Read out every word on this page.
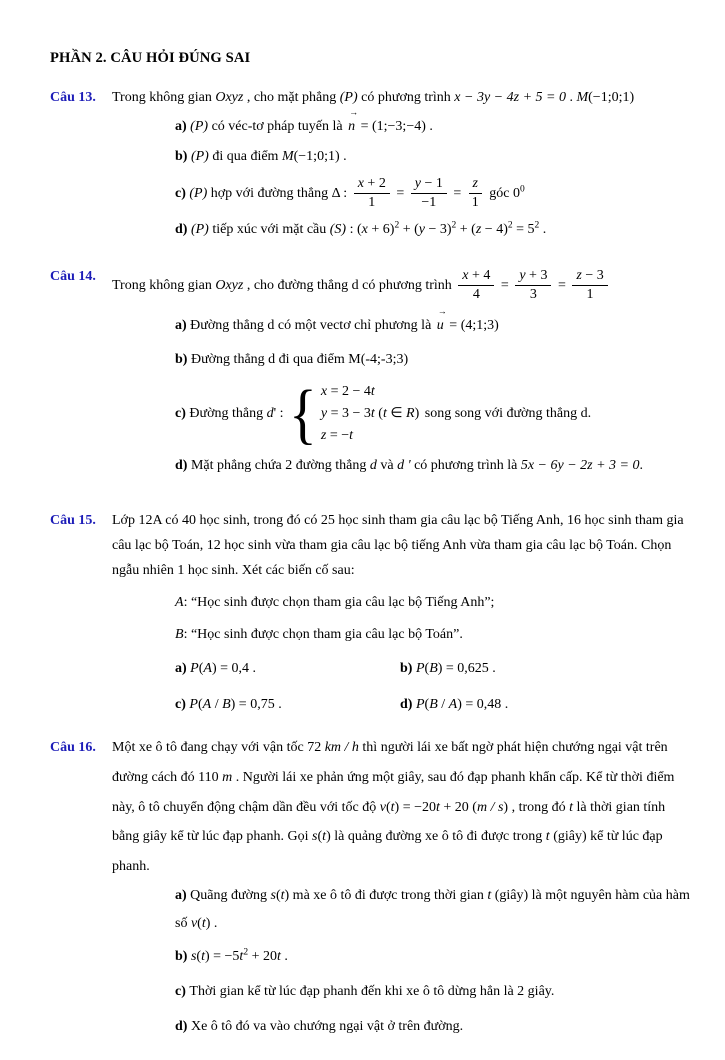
PHẦN 2. CÂU HỎI ĐÚNG SAI
Câu 13.	Trong không gian Oxyz , cho mặt phẳng (P) có phương trình x − 3y − 4z + 5 = 0 . M(−1;0;1)
a) (P) có véc-tơ pháp tuyến là
→
n = (1;−3;−4) .
b) (P) đi qua điểm M(−1;0;1) .
c) (P) hợp với đường thẳng Δ : $\frac{x + 2}{1} = \frac{y - 1}{-1} = \frac{z}{1}$ góc $0^0$
d) (P) tiếp xúc với mặt cầu (S) : $(x + 6)^2 + (y - 3)^2 + (z - 4)^2 = 5^2$ .
Câu 14.
Trong không gian Oxyz , cho đường thẳng d có phương trình $\frac{x + 4}{4} = \frac{y + 3}{3} = \frac{z - 3}{1}$
a) Đường thẳng d có một vectơ chỉ phương là
→
u = (4;1;3)
b) Đường thẳng d đi qua điểm M(-4;-3;3)
c) Đường thẳng d' : { x = 2 − 4t
y = 3 − 3t (t ∈ R)
z = −t
song song với đường thẳng d.
d) Mặt phẳng chứa 2 đường thẳng d và d ' có phương trình là 5x − 6y − 2z + 3 = 0.
Câu 15.	Lớp 12A có 40 học sinh, trong đó có 25 học sinh tham gia câu lạc bộ Tiếng Anh, 16 học sinh tham gia câu lạc bộ Toán, 12 học sinh vừa tham gia câu lạc bộ tiếng Anh vừa tham gia câu lạc bộ Toán. Chọn ngẫu nhiên 1 học sinh. Xét các biến cố sau:
A: “Học sinh được chọn tham gia câu lạc bộ Tiếng Anh”;
B: “Học sinh được chọn tham gia câu lạc bộ Toán”.
a) P(A) = 0,4 .	b) P(B) = 0,625 .
c) P(A / B) = 0,75 .	d) P(B / A) = 0,48 .
Câu 16.	Một xe ô tô đang chạy với vận tốc 72 km / h thì người lái xe bất ngờ phát hiện chướng ngại vật trên đường cách đó 110 m . Người lái xe phản ứng một giây, sau đó đạp phanh khẩn cấp. Kể từ thời điểm này, ô tô chuyển động chậm dần đều với tốc độ v(t) = −20t + 20 (m / s) , trong đó t là thời gian tính bằng giây kể từ lúc đạp phanh. Gọi s(t) là quảng đường xe ô tô đi được trong t (giây) kể từ lúc đạp phanh.
a) Quãng đường s(t) mà xe ô tô đi được trong thời gian t (giây) là một nguyên hàm của hàm số v(t) .
b) $s(t) = -5t^2 + 20t$ .
c) Thời gian kể từ lúc đạp phanh đến khi xe ô tô dừng hẳn là 2 giây.
d) Xe ô tô đó va vào chướng ngại vật ở trên đường.
